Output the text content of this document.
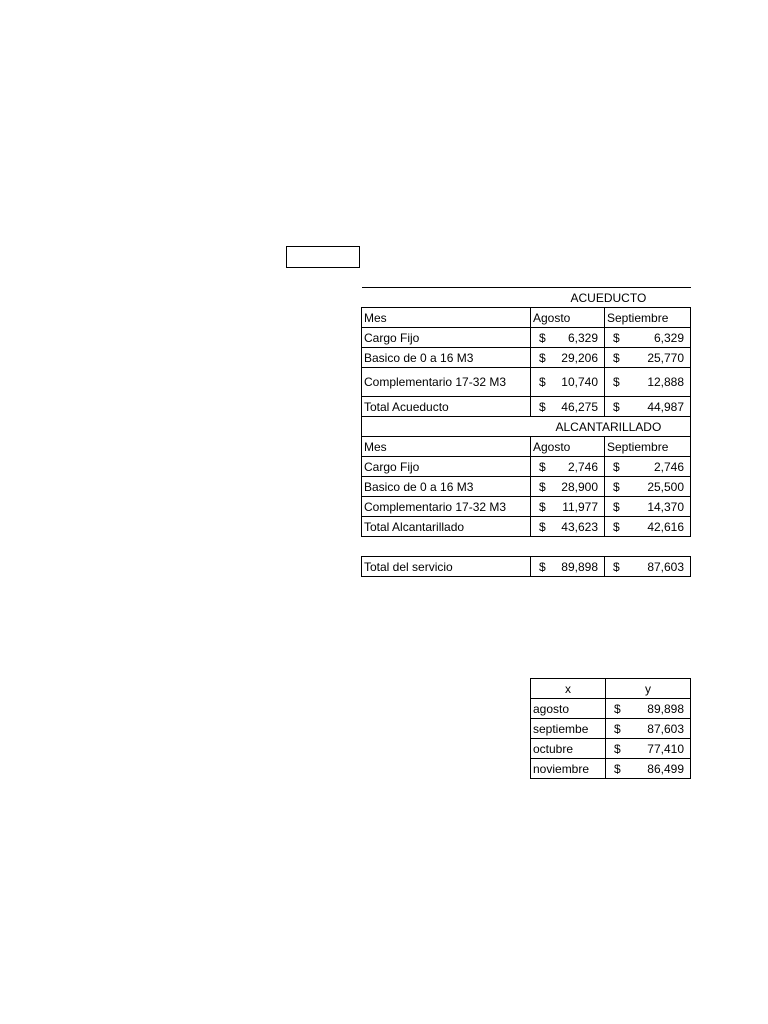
	ACUEDUCTO	
Mes	Agosto	Septiembre
Cargo Fijo	$ 6,329	$ 6,329

Basico de 0 a 16 M3	$ 29,206	$ 25,770

Complementario 17-32 M3	$ 10,740	$ 12,888

Total Acueducto	$ 46,275	$ 44,987

	ALCANTARILLADO	
Mes	Agosto	Septiembre
Cargo Fijo	$ 2,746	$ 2,746

Basico de 0 a 16 M3	$ 28,900	$ 25,500

Complementario 17-32 M3	$ 11,977	$ 14,370

Total Alcantarillado	$ 43,623	$ 42,616

Total del servicio	$ 89,898	$ 87,603
x	y
agosto	$ 89,898

septiembe	$ 87,603

octubre	$ 77,410

noviembre	$ 86,499
